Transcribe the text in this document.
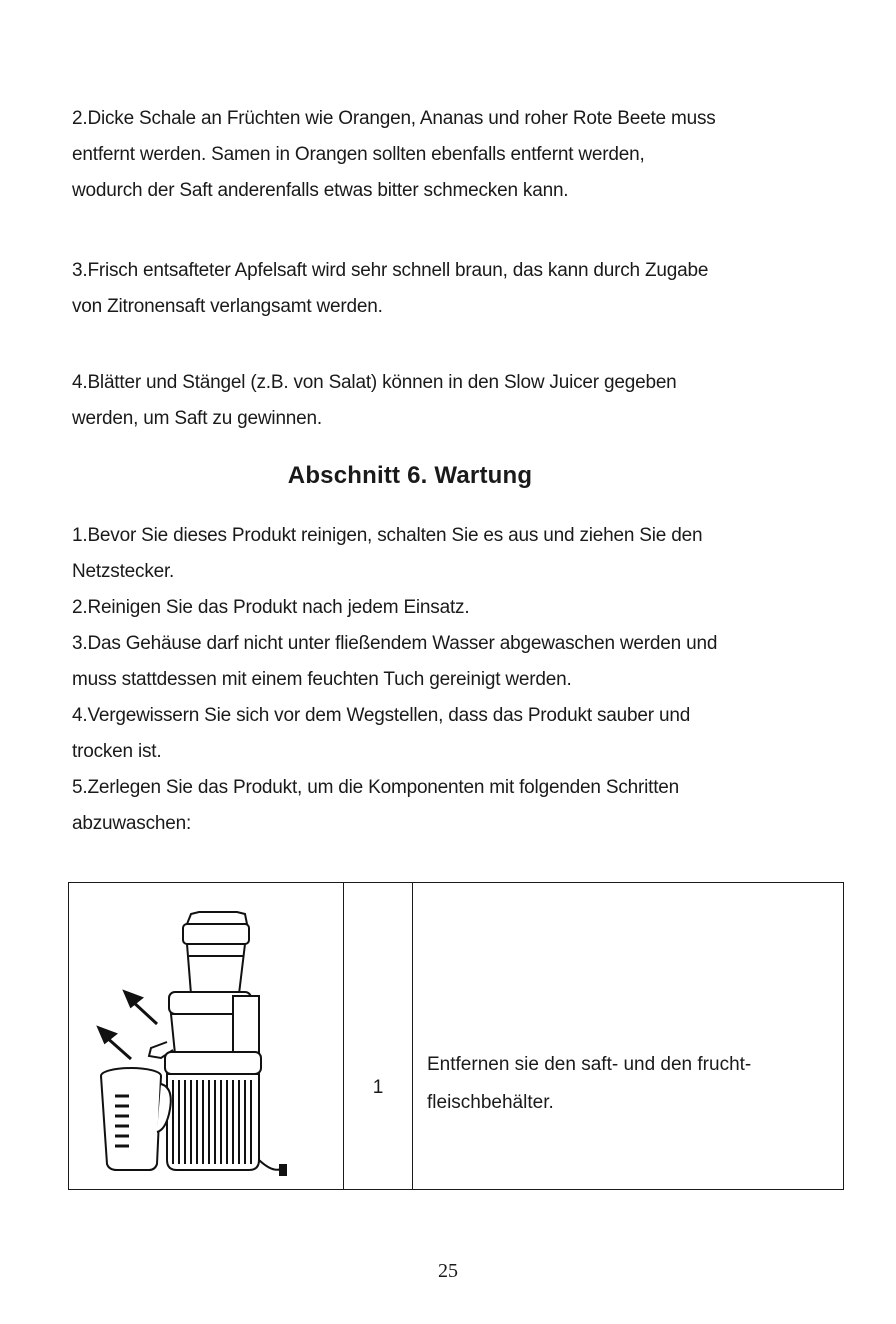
2.Dicke Schale an Früchten wie Orangen, Ananas und roher Rote Beete muss
entfernt werden. Samen in Orangen sollten ebenfalls entfernt werden,
wodurch der Saft anderenfalls etwas bitter schmecken kann.
3.Frisch entsafteter Apfelsaft wird sehr schnell braun, das kann durch Zugabe
von Zitronensaft verlangsamt werden.
4.Blätter und Stängel (z.B. von Salat) können in den Slow Juicer gegeben
werden, um Saft zu gewinnen.
Abschnitt 6. Wartung
1.Bevor Sie dieses Produkt reinigen, schalten Sie es aus und ziehen Sie den
Netzstecker.
2.Reinigen Sie das Produkt nach jedem Einsatz.
3.Das Gehäuse darf nicht unter fließendem Wasser abgewaschen werden und
muss stattdessen mit einem feuchten Tuch gereinigt werden.
4.Vergewissern Sie sich vor dem Wegstellen, dass das Produkt sauber und
trocken ist.
5.Zerlegen Sie das Produkt, um die Komponenten mit folgenden Schritten
abzuwaschen:
	1	
Entfernen sie den saft- und den frucht-
fleischbehälter.
25
